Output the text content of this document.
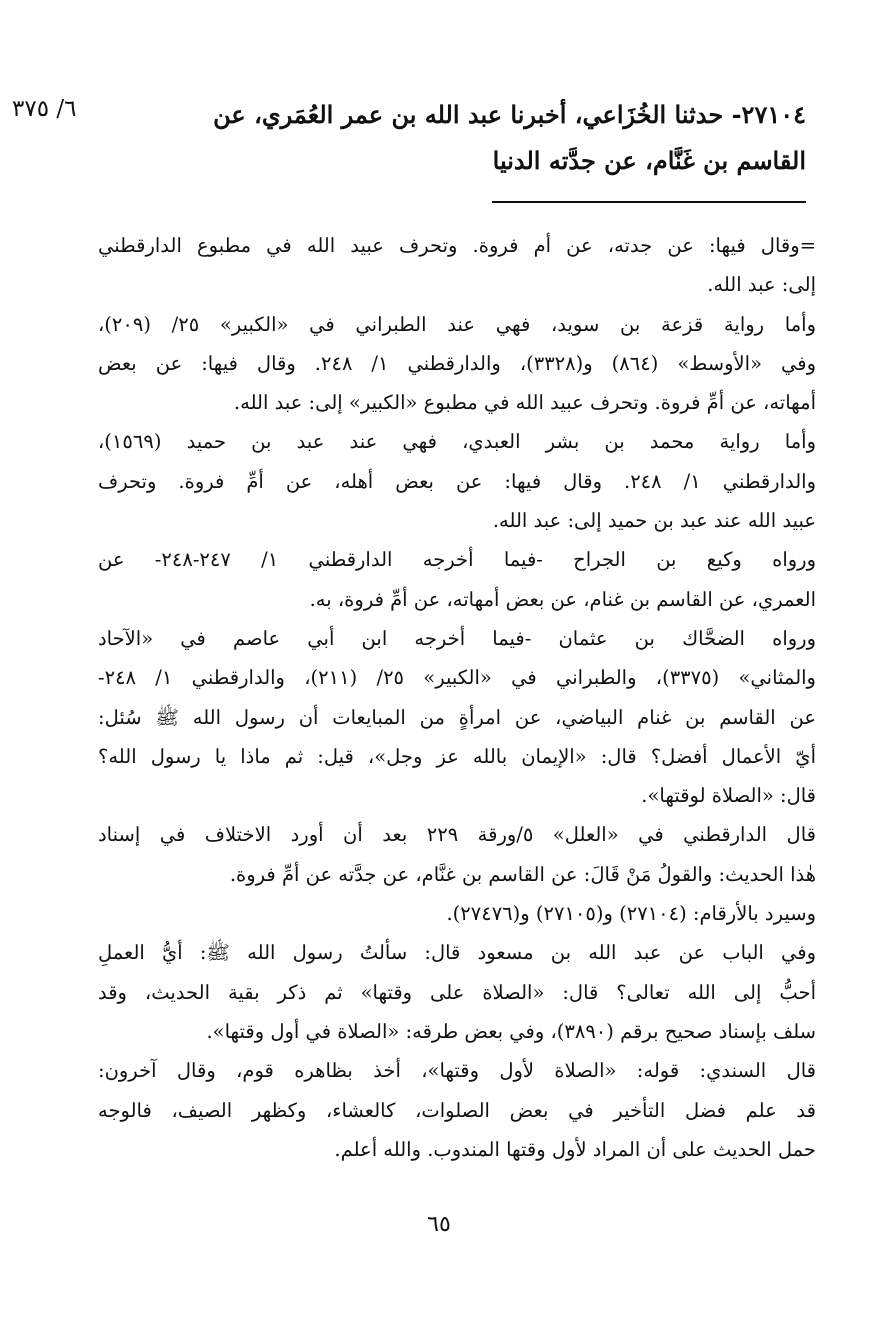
٦/ ٣٧٥	٢٧١٠٤- حدثنا الخُزَاعي، أخبرنا عبد الله بن عمر العُمَري، عن
القاسم بن غَنَّام، عن جدَّته الدنيا
=وقال فيها: عن جدته، عن أم فروة. وتحرف عبيد الله في مطبوع الدارقطني
إلى: عبد الله.
وأما رواية قزعة بن سويد، فهي عند الطبراني في «الكبير» ٢٥/ (٢٠٩)،
وفي «الأوسط» (٨٦٤) و(٣٣٢٨)، والدارقطني ١/ ٢٤٨. وقال فيها: عن بعض
أمهاته، عن أمِّ فروة. وتحرف عبيد الله في مطبوع «الكبير» إلى: عبد الله.
وأما رواية محمد بن بشر العبدي، فهي عند عبد بن حميد (١٥٦٩)،
والدارقطني ١/ ٢٤٨. وقال فيها: عن بعض أهله، عن أمِّ فروة. وتحرف
عبيد الله عند عبد بن حميد إلى: عبد الله.
ورواه وكيع بن الجراح -فيما أخرجه الدارقطني ١/ ٢٤٧-٢٤٨- عن
العمري، عن القاسم بن غنام، عن بعض أمهاته، عن أمِّ فروة، به.
ورواه الضحَّاك بن عثمان -فيما أخرجه ابن أبي عاصم في «الآحاد
والمثاني» (٣٣٧٥)، والطبراني في «الكبير» ٢٥/ (٢١١)، والدارقطني ١/ ٢٤٨-
عن القاسم بن غنام البياضي، عن امرأةٍ من المبايعات أن رسول الله ﷺ سُئل:
أيّ الأعمال أفضل؟ قال: «الإيمان بالله عز وجل»، قيل: ثم ماذا يا رسول الله؟
قال: «الصلاة لوقتها».
قال الدارقطني في «العلل» ٥/ورقة ٢٢٩ بعد أن أورد الاختلاف في إسناد
هٰذا الحديث: والقولُ مَنْ قَالَ: عن القاسم بن غنَّام، عن جدَّته عن أمِّ فروة.
وسيرد بالأرقام: (٢٧١٠٤) و(٢٧١٠٥) و(٢٧٤٧٦).
وفي الباب عن عبد الله بن مسعود قال: سألتُ رسول الله ﷺ: أيُّ العملِ
أحبُّ إلى الله تعالى؟ قال: «الصلاة على وقتها» ثم ذكر بقية الحديث، وقد
سلف بإسناد صحيح برقم (٣٨٩٠)، وفي بعض طرقه: «الصلاة في أول وقتها».
قال السندي: قوله: «الصلاة لأول وقتها»، أخذ بظاهره قوم، وقال آخرون:
قد علم فضل التأخير في بعض الصلوات، كالعشاء، وكظهر الصيف، فالوجه
حمل الحديث على أن المراد لأول وقتها المندوب. والله أعلم.
٦٥
